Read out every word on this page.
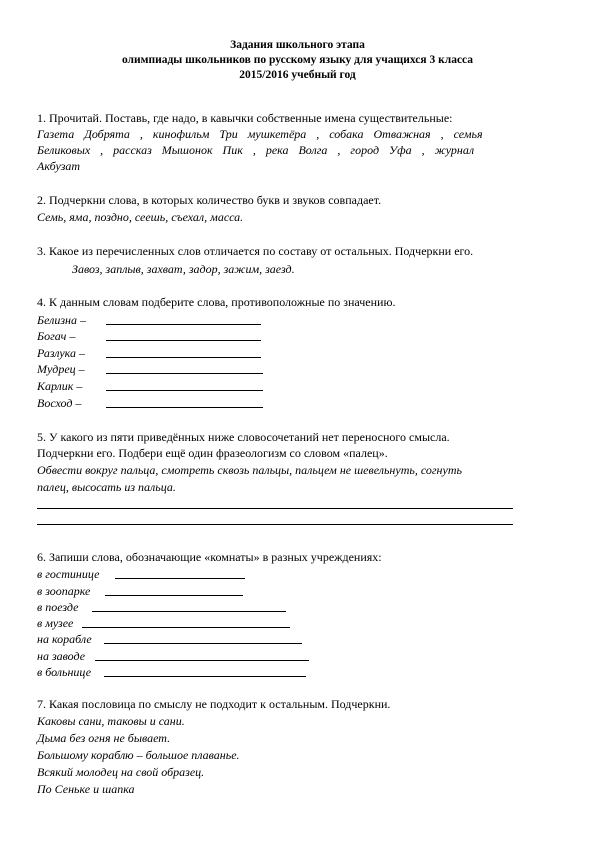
Задания школьного этапа
олимпиады школьников по русскому языку для учащихся 3 класса
2015/2016 учебный год
1. Прочитай. Поставь, где надо, в кавычки собственные имена существительные:
Газета Добрята , кинофильм Три мушкетёра , собака Отважная , семья
Беликовых , рассказ Мышонок Пик , река Волга , город Уфа , журнал
Акбузат
2. Подчеркни слова, в которых количество букв и звуков совпадает.
Семь, яма, поздно, сеешь, съехал, масса.
3. Какое из перечисленных слов отличается по составу от остальных. Подчеркни его.
Завоз, заплыв, захват, задор, зажим, заезд.
4. К данным словам подберите слова, противоположные по значению.
Белизна –
Богач –
Разлука –
Мудрец –
Карлик –
Восход –
5. У какого из пяти приведённых ниже словосочетаний нет переносного смысла.
Подчеркни его. Подбери ещё один фразеологизм со словом «палец».
Обвести вокруг пальца, смотреть сквозь пальцы, пальцем не шевельнуть, согнуть
палец, высосать из пальца.
6. Запиши слова, обозначающие «комнаты» в разных учреждениях:
в гостинице
в зоопарке
в поезде
в музее
на корабле
на заводе
в больнице
7. Какая пословица по смыслу не подходит к остальным. Подчеркни.
Каковы сани, таковы и сани.
Дыма без огня не бывает.
Большому кораблю – большое плаванье.
Всякий молодец на свой образец.
По Сеньке и шапка
